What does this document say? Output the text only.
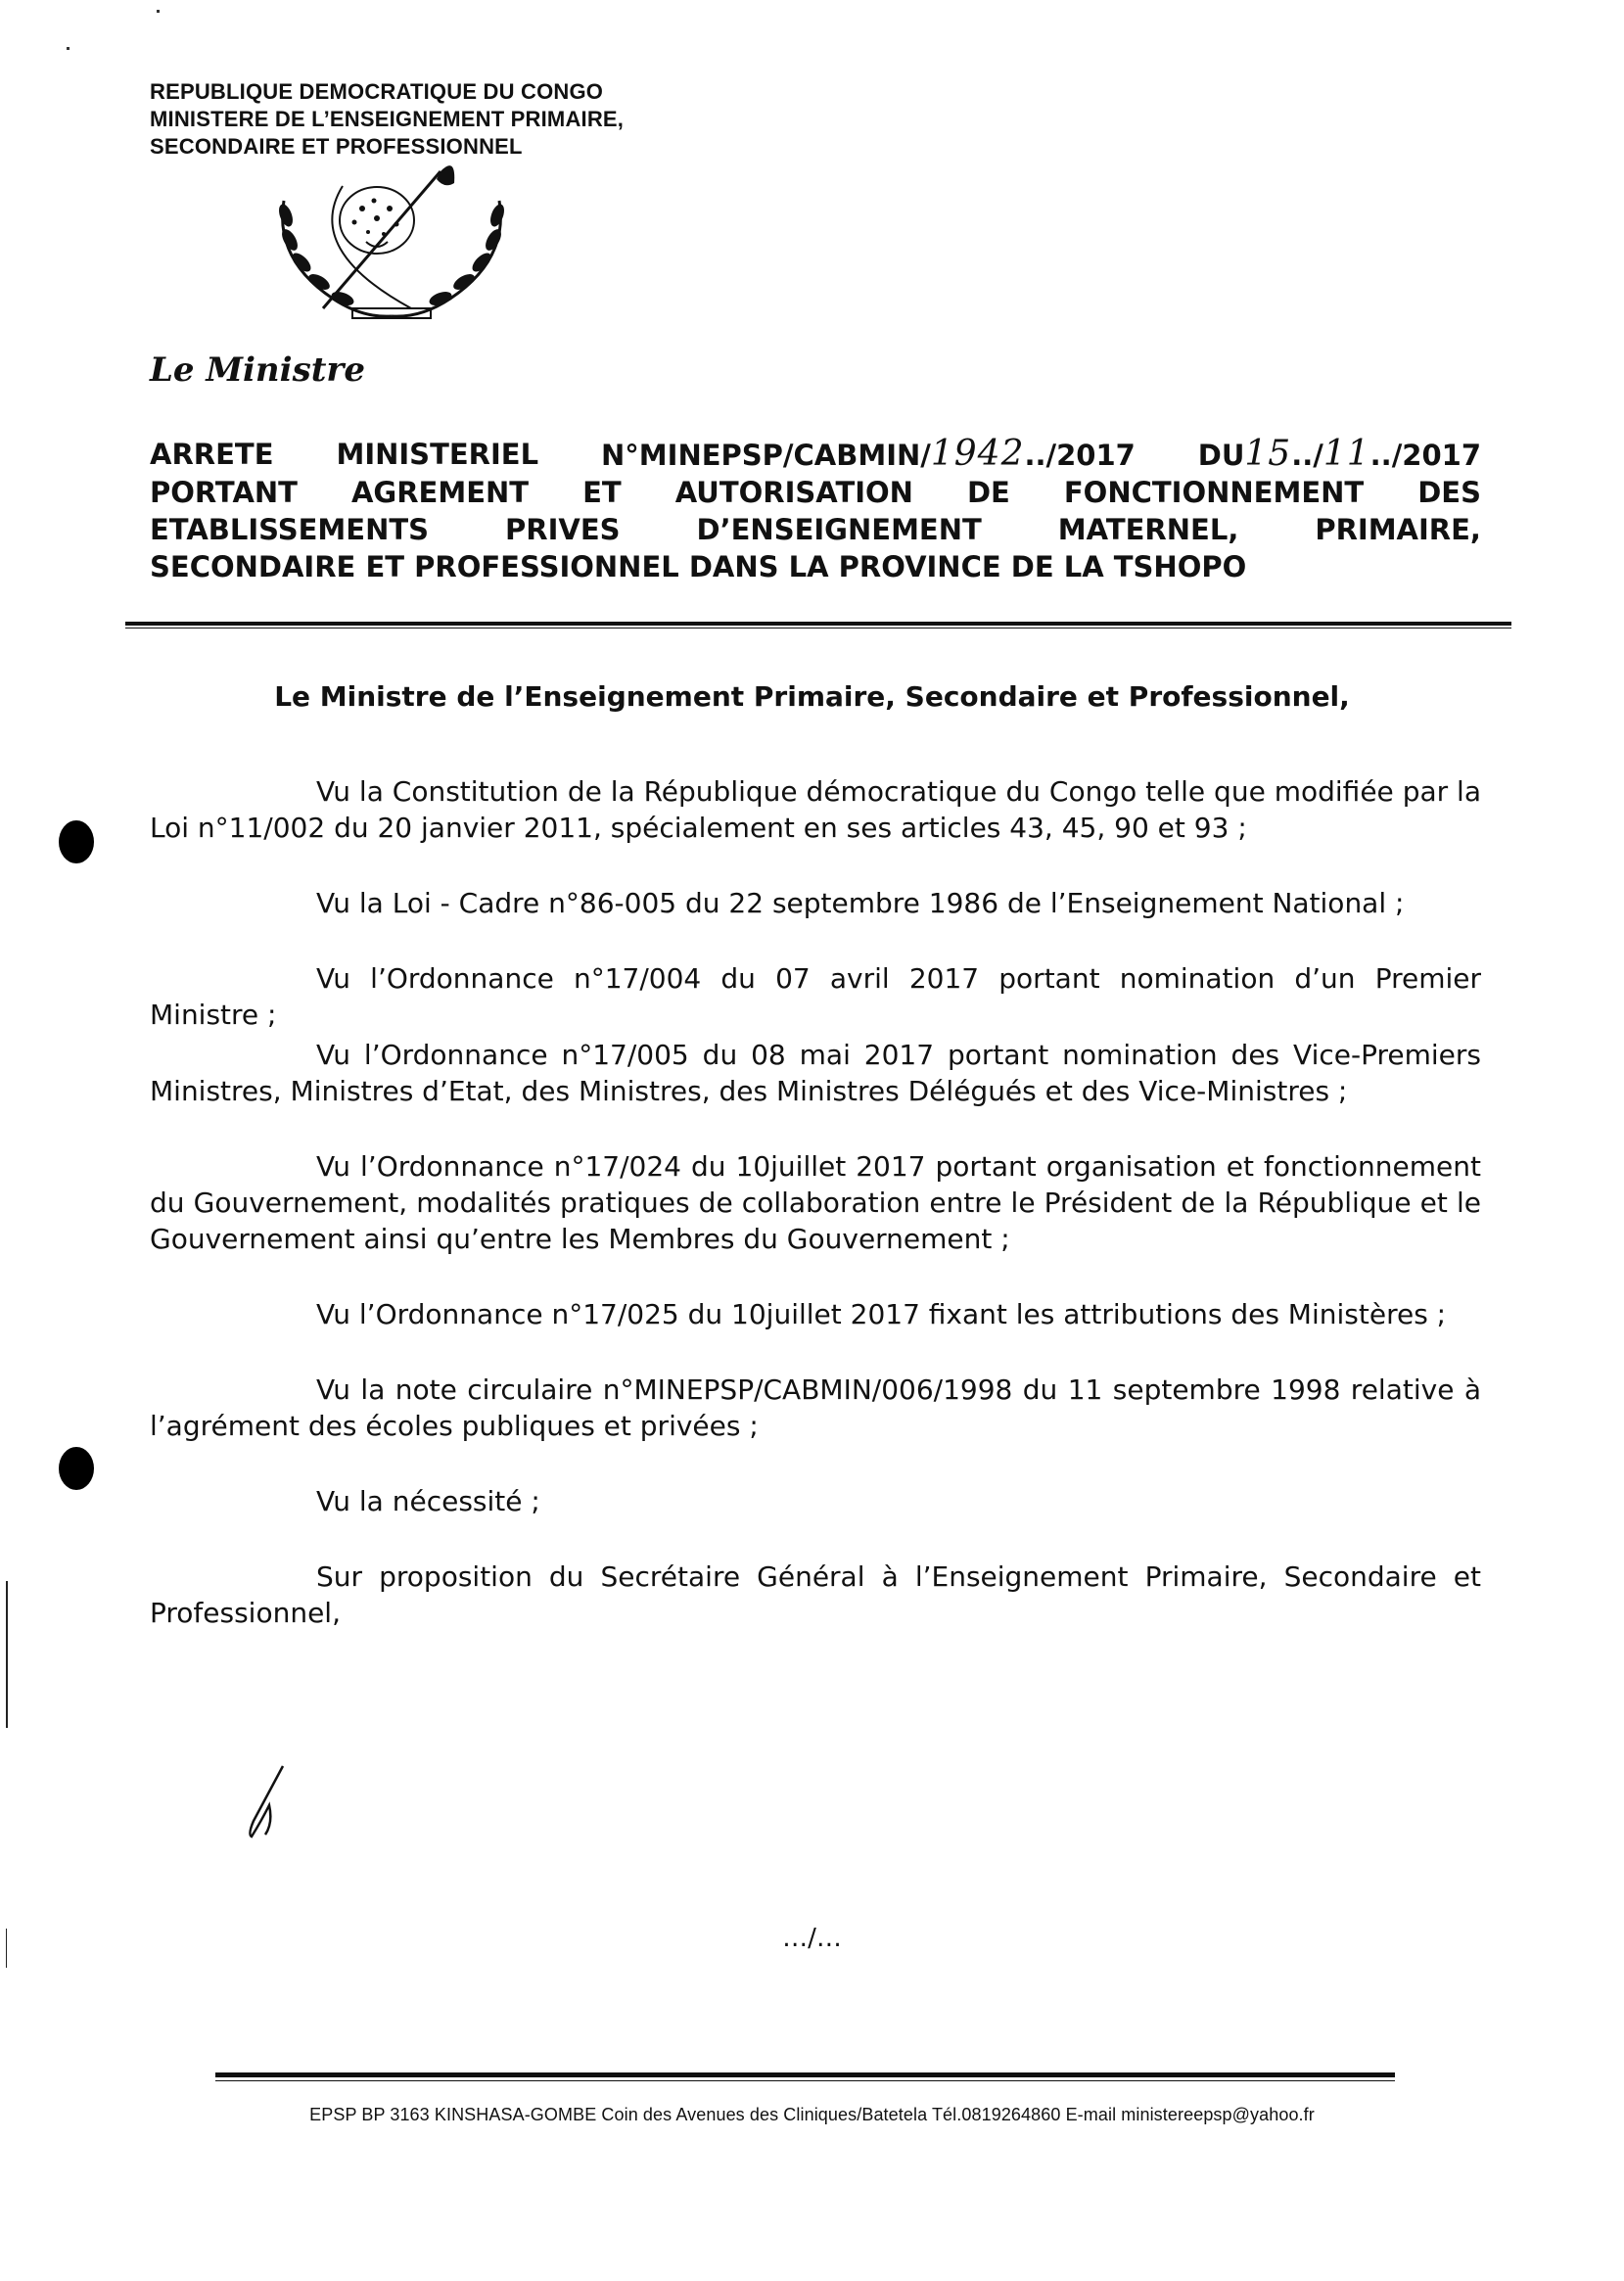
REPUBLIQUE DEMOCRATIQUE DU CONGO
MINISTERE DE L’ENSEIGNEMENT PRIMAIRE,
SECONDAIRE ET PROFESSIONNEL
Le Ministre
ARRETE MINISTERIEL N°MINEPSP/CABMIN/1942../2017 DU15../11../2017
PORTANT AGREMENT ET AUTORISATION DE FONCTIONNEMENT DES
ETABLISSEMENTS	PRIVES	D’ENSEIGNEMENT	MATERNEL,	PRIMAIRE,
SECONDAIRE ET PROFESSIONNEL DANS LA PROVINCE DE LA TSHOPO
Le Ministre de l’Enseignement Primaire, Secondaire et Professionnel,

Vu la Constitution de la République démocratique du Congo telle que modifiée par la Loi n°11/002 du 20 janvier 2011, spécialement en ses articles 43, 45, 90 et 93 ;

Vu la Loi - Cadre n°86-005 du 22 septembre 1986 de l’Enseignement National ;

Vu l’Ordonnance n°17/004 du 07 avril 2017 portant nomination d’un Premier Ministre ;

Vu l’Ordonnance n°17/005 du 08 mai 2017 portant nomination des Vice-Premiers Ministres, Ministres d’Etat, des Ministres, des Ministres Délégués et des Vice-Ministres ;

Vu l’Ordonnance n°17/024 du 10juillet 2017 portant organisation et fonctionnement du Gouvernement, modalités pratiques de collaboration entre le Président de la République et le Gouvernement ainsi qu’entre les Membres du Gouvernement ;

Vu l’Ordonnance n°17/025 du 10juillet 2017 fixant les attributions des Ministères ;

Vu la note circulaire n°MINEPSP/CABMIN/006/1998 du 11 septembre 1998 relative à l’agrément des écoles publiques et privées ;

Vu la nécessité ;

Sur proposition du Secrétaire Général à l’Enseignement Primaire, Secondaire et Professionnel,

…/…
EPSP BP 3163 KINSHASA-GOMBE Coin des Avenues des Cliniques/Batetela Tél.0819264860 E-mail ministereepsp@yahoo.fr
